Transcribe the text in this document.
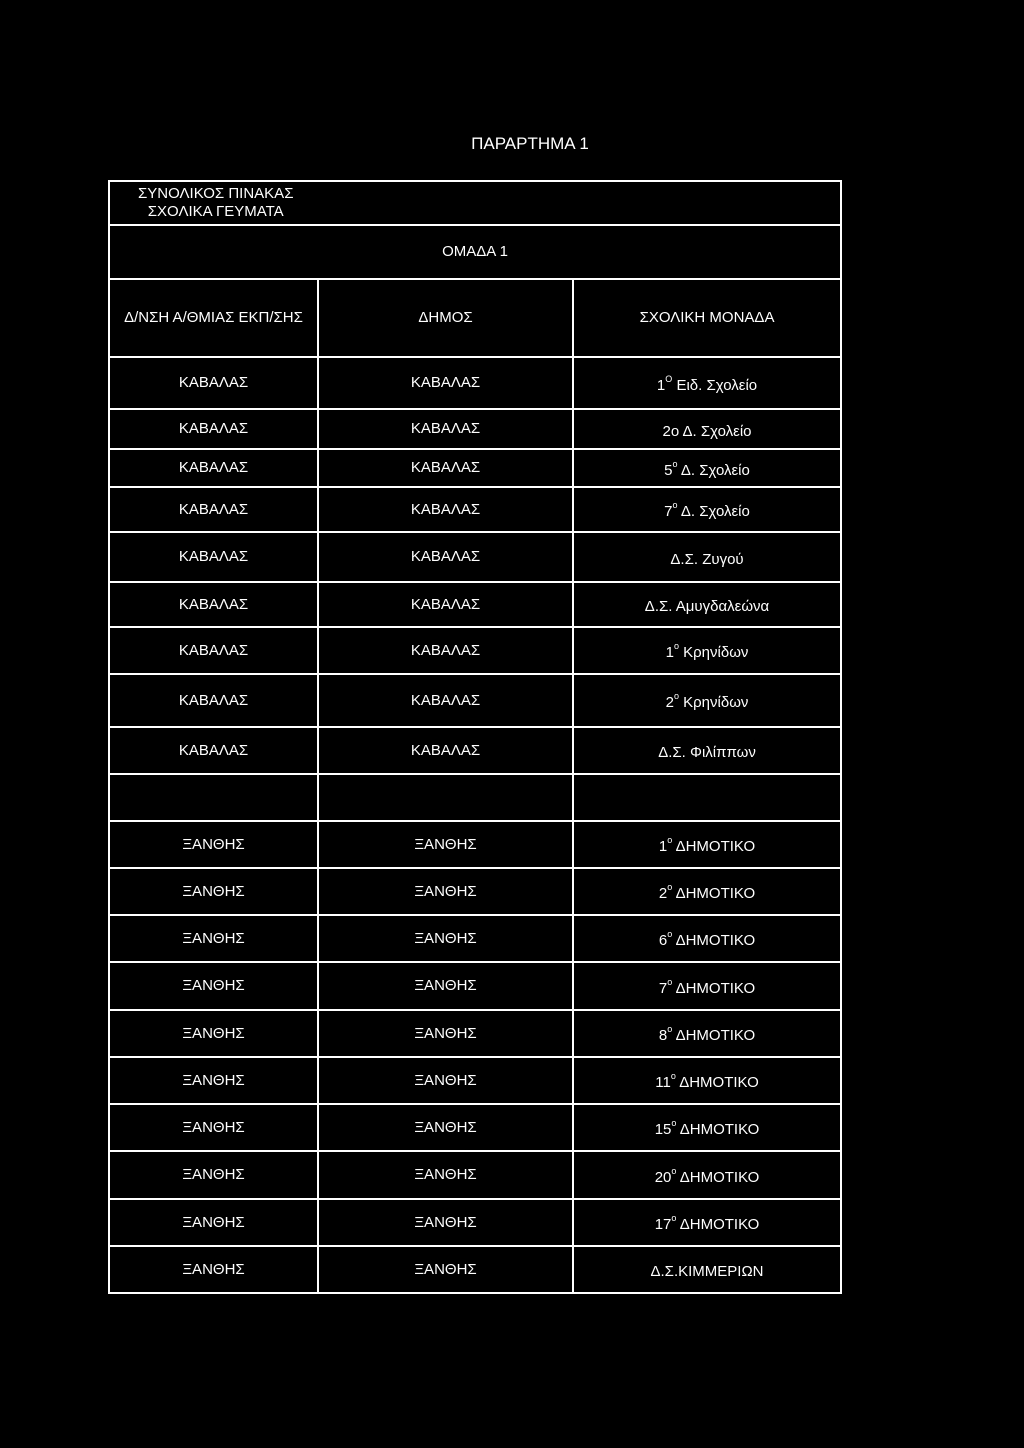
ΠΑΡΑΡΤΗΜΑ 1
ΣΥΝΟΛΙΚΟΣ ΠΙΝΑΚΑΣ
ΣΧΟΛΙΚΑ ΓΕΥΜΑΤΑ		
ΟΜΑΔΑ 1		
Δ/ΝΣΗ Α/ΘΜΙΑΣ ΕΚΠ/ΣΗΣ	ΔΗΜΟΣ	ΣΧΟΛΙΚΗ ΜΟΝΑΔΑ
ΚΑΒΑΛΑΣ	ΚΑΒΑΛΑΣ	$1^O$ Ειδ. Σχολείο
ΚΑΒΑΛΑΣ	ΚΑΒΑΛΑΣ	2ο Δ. Σχολείο
ΚΑΒΑΛΑΣ	ΚΑΒΑΛΑΣ	$5^o$ Δ. Σχολείο
ΚΑΒΑΛΑΣ	ΚΑΒΑΛΑΣ	$7^o$ Δ. Σχολείο
ΚΑΒΑΛΑΣ	ΚΑΒΑΛΑΣ	Δ.Σ. Ζυγού
ΚΑΒΑΛΑΣ	ΚΑΒΑΛΑΣ	Δ.Σ. Αμυγδαλεώνα
ΚΑΒΑΛΑΣ	ΚΑΒΑΛΑΣ	$1^o$ Κρηνίδων
ΚΑΒΑΛΑΣ	ΚΑΒΑΛΑΣ	$2^o$ Κρηνίδων
ΚΑΒΑΛΑΣ	ΚΑΒΑΛΑΣ	Δ.Σ. Φιλίππων

ΞΑΝΘΗΣ	ΞΑΝΘΗΣ	$1^o$ ΔΗΜΟΤΙΚΟ
ΞΑΝΘΗΣ	ΞΑΝΘΗΣ	$2^o$ ΔΗΜΟΤΙΚΟ
ΞΑΝΘΗΣ	ΞΑΝΘΗΣ	$6^o$ ΔΗΜΟΤΙΚΟ
ΞΑΝΘΗΣ	ΞΑΝΘΗΣ	$7^o$ ΔΗΜΟΤΙΚΟ
ΞΑΝΘΗΣ	ΞΑΝΘΗΣ	$8^o$ ΔΗΜΟΤΙΚΟ
ΞΑΝΘΗΣ	ΞΑΝΘΗΣ	$11^o$ ΔΗΜΟΤΙΚΟ
ΞΑΝΘΗΣ	ΞΑΝΘΗΣ	$15^o$ ΔΗΜΟΤΙΚΟ
ΞΑΝΘΗΣ	ΞΑΝΘΗΣ	$20^o$ ΔΗΜΟΤΙΚΟ
ΞΑΝΘΗΣ	ΞΑΝΘΗΣ	$17^o$ ΔΗΜΟΤΙΚΟ
ΞΑΝΘΗΣ	ΞΑΝΘΗΣ	Δ.Σ.ΚΙΜΜΕΡΙΩΝ
